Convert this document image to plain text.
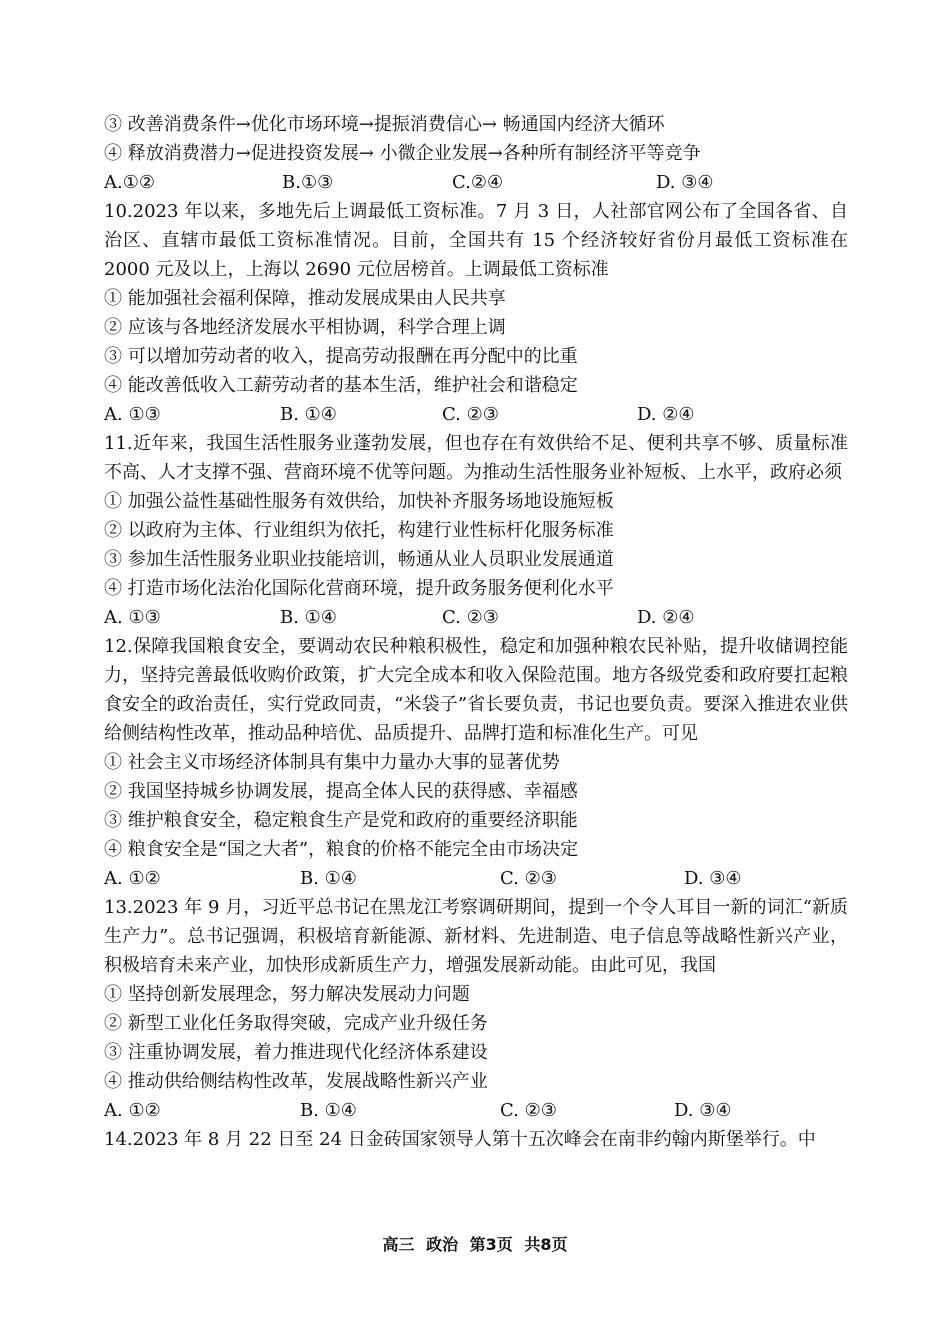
③ 改善消费条件→优化市场环境→提振消费信心→ 畅通国内经济大循环
④ 释放消费潜力→促进投资发展→ 小微企业发展→各种所有制经济平等竞争
A.①②	B.①③	C.②④	D. ③④
10.2023 年以来，多地先后上调最低工资标准。7 月 3 日，人社部官网公布了全国各省、自治区、直辖市最低工资标准情况。目前，全国共有 15 个经济较好省份月最低工资标准在 2000 元及以上，上海以 2690 元位居榜首。上调最低工资标准
① 能加强社会福利保障，推动发展成果由人民共享
② 应该与各地经济发展水平相协调，科学合理上调
③ 可以增加劳动者的收入，提高劳动报酬在再分配中的比重
④ 能改善低收入工薪劳动者的基本生活，维护社会和谐稳定
A. ①③	B. ①④	C. ②③	D. ②④
11.近年来，我国生活性服务业蓬勃发展，但也存在有效供给不足、便利共享不够、质量标准不高、人才支撑不强、营商环境不优等问题。为推动生活性服务业补短板、上水平，政府必须
① 加强公益性基础性服务有效供给，加快补齐服务场地设施短板
② 以政府为主体、行业组织为依托，构建行业性标杆化服务标准
③ 参加生活性服务业职业技能培训，畅通从业人员职业发展通道
④ 打造市场化法治化国际化营商环境，提升政务服务便利化水平
A. ①③	B. ①④	C. ②③	D. ②④
12.保障我国粮食安全，要调动农民种粮积极性，稳定和加强种粮农民补贴，提升收储调控能力，坚持完善最低收购价政策，扩大完全成本和收入保险范围。地方各级党委和政府要扛起粮食安全的政治责任，实行党政同责，“米袋子”省长要负责，书记也要负责。要深入推进农业供给侧结构性改革，推动品种培优、品质提升、品牌打造和标准化生产。可见
① 社会主义市场经济体制具有集中力量办大事的显著优势
② 我国坚持城乡协调发展，提高全体人民的获得感、幸福感
③ 维护粮食安全，稳定粮食生产是党和政府的重要经济职能
④ 粮食安全是“国之大者”，粮食的价格不能完全由市场决定
A. ①②	B. ①④	C. ②③	D. ③④
13.2023 年 9 月，习近平总书记在黑龙江考察调研期间，提到一个令人耳目一新的词汇“新质生产力”。总书记强调，积极培育新能源、新材料、先进制造、电子信息等战略性新兴产业，积极培育未来产业，加快形成新质生产力，增强发展新动能。由此可见，我国
① 坚持创新发展理念，努力解决发展动力问题
② 新型工业化任务取得突破，完成产业升级任务
③ 注重协调发展，着力推进现代化经济体系建设
④ 推动供给侧结构性改革，发展战略性新兴产业
A. ①②	B. ①④	C. ②③	D. ③④
14.2023 年 8 月 22 日至 24 日金砖国家领导人第十五次峰会在南非约翰内斯堡举行。中
高三 政治 第3页 共8页
